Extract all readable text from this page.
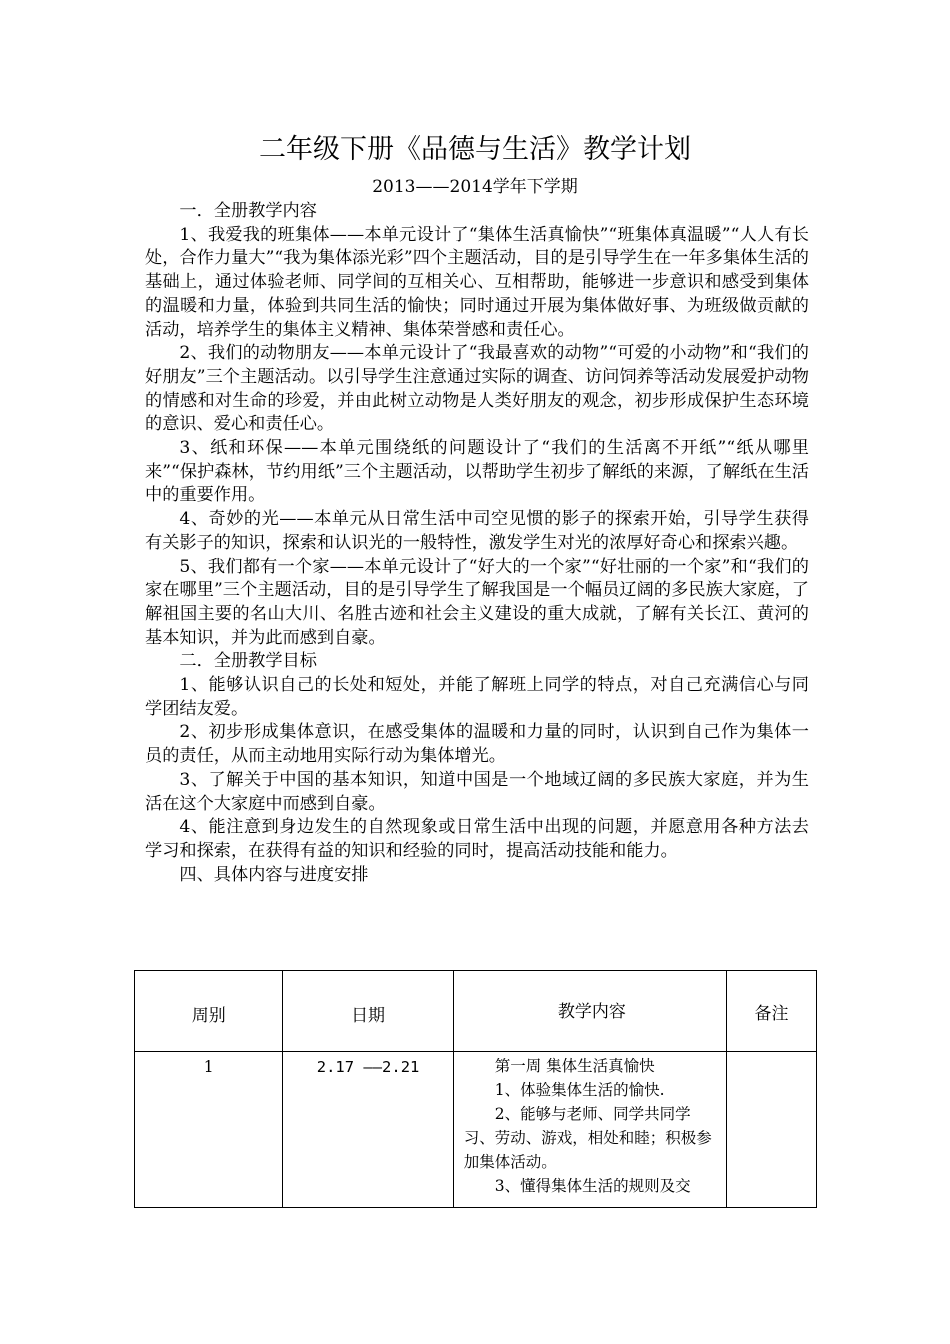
二年级下册《品德与生活》教学计划
2013——2014学年下学期

一．全册教学内容

1、我爱我的班集体——本单元设计了“集体生活真愉快”“班集体真温暖”“人人有长处，合作力量大”“我为集体添光彩”四个主题活动，目的是引导学生在一年多集体生活的基础上，通过体验老师、同学间的互相关心、互相帮助，能够进一步意识和感受到集体的温暖和力量，体验到共同生活的愉快；同时通过开展为集体做好事、为班级做贡献的活动，培养学生的集体主义精神、集体荣誉感和责任心。

2、我们的动物朋友——本单元设计了“我最喜欢的动物”“可爱的小动物”和“我们的好朋友”三个主题活动。以引导学生注意通过实际的调查、访问饲养等活动发展爱护动物的情感和对生命的珍爱，并由此树立动物是人类好朋友的观念，初步形成保护生态环境的意识、爱心和责任心。

3、纸和环保——本单元围绕纸的问题设计了“我们的生活离不开纸”“纸从哪里来”“保护森林，节约用纸”三个主题活动，以帮助学生初步了解纸的来源，了解纸在生活中的重要作用。

4、奇妙的光——本单元从日常生活中司空见惯的影子的探索开始，引导学生获得有关影子的知识，探索和认识光的一般特性，激发学生对光的浓厚好奇心和探索兴趣。

5、我们都有一个家——本单元设计了“好大的一个家”“好壮丽的一个家”和“我们的家在哪里”三个主题活动，目的是引导学生了解我国是一个幅员辽阔的多民族大家庭，了解祖国主要的名山大川、名胜古迹和社会主义建设的重大成就，了解有关长江、黄河的基本知识，并为此而感到自豪。

二．全册教学目标

1、能够认识自己的长处和短处，并能了解班上同学的特点，对自己充满信心与同学团结友爱。

2、初步形成集体意识，在感受集体的温暖和力量的同时，认识到自己作为集体一员的责任，从而主动地用实际行动为集体增光。

3、了解关于中国的基本知识，知道中国是一个地域辽阔的多民族大家庭，并为生活在这个大家庭中而感到自豪。

4、能注意到身边发生的自然现象或日常生活中出现的问题，并愿意用各种方法去学习和探索，在获得有益的知识和经验的同时，提高活动技能和能力。

四、具体内容与进度安排

周别	日期	教学内容	备注
1	2.17 ——2.21	第一周 集体生活真愉快
1、体验集体生活的愉快.
2、能够与老师、同学共同学习、劳动、游戏，相处和睦；积极参加集体活动。
3、懂得集体生活的规则及交	
